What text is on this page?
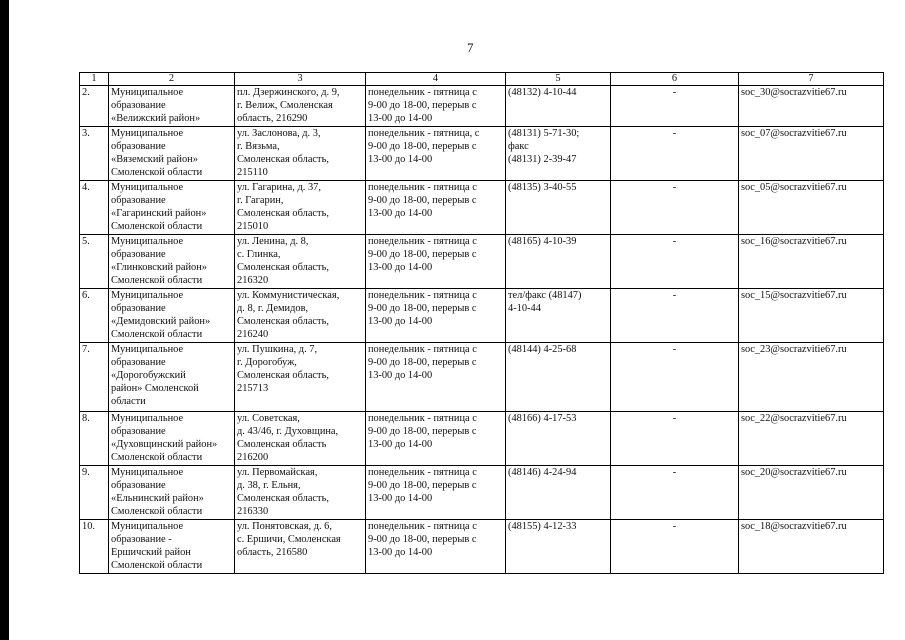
7
1	2	3	4	5	6	7
2.	Муниципальное
образование
«Велижский район»	пл. Дзержинского, д. 9,
г. Велиж, Смоленская
область, 216290	понедельник - пятница с
9-00 до 18-00, перерыв с
13-00 до 14-00	(48132) 4-10-44	-	soc_30@socrazvitie67.ru
3.	Муниципальное
образование
«Вяземский район»
Смоленской области	ул. Заслонова, д. 3,
г. Вязьма,
Смоленская область,
215110	понедельник - пятница, с
9-00 до 18-00, перерыв с
13-00 до 14-00	(48131) 5-71-30;
факс
(48131) 2-39-47	-	soc_07@socrazvitie67.ru
4.	Муниципальное
образование
«Гагаринский район»
Смоленской области	ул. Гагарина, д. 37,
г. Гагарин,
Смоленская область,
215010	понедельник - пятница с
9-00 до 18-00, перерыв с
13-00 до 14-00	(48135) 3-40-55	-	soc_05@socrazvitie67.ru
5.	Муниципальное
образование
«Глинковский район»
Смоленской области	ул. Ленина, д. 8,
с. Глинка,
Смоленская область,
216320	понедельник - пятница с
9-00 до 18-00, перерыв с
13-00 до 14-00	(48165) 4-10-39	-	soc_16@socrazvitie67.ru
6.	Муниципальное
образование
«Демидовский район»
Смоленской области	ул. Коммунистическая,
д. 8, г. Демидов,
Смоленская область,
216240	понедельник - пятница с
9-00 до 18-00, перерыв с
13-00 до 14-00	тел/факс (48147)
4-10-44	-	soc_15@socrazvitie67.ru
7.	Муниципальное
образование
«Дорогобужский
район» Смоленской
области	ул. Пушкина, д. 7,
г. Дорогобуж,
Смоленская область,
215713	понедельник - пятница с
9-00 до 18-00, перерыв с
13-00 до 14-00	(48144) 4-25-68	-	soc_23@socrazvitie67.ru
8.	Муниципальное
образование
«Духовщинский район»
Смоленской области	ул. Советская,
д. 43/46, г. Духовщина,
Смоленская область
216200	понедельник - пятница с
9-00 до 18-00, перерыв с
13-00 до 14-00	(48166) 4-17-53	-	soc_22@socrazvitie67.ru
9.	Муниципальное
образование
«Ельнинский район»
Смоленской области	ул. Первомайская,
д. 38, г. Ельня,
Смоленская область,
216330	понедельник - пятница с
9-00 до 18-00, перерыв с
13-00 до 14-00	(48146) 4-24-94	-	soc_20@socrazvitie67.ru
10.	Муниципальное
образование -
Ершичский район
Смоленской области	ул. Понятовская, д. 6,
с. Ершичи, Смоленская
область, 216580	понедельник - пятница с
9-00 до 18-00, перерыв с
13-00 до 14-00	(48155) 4-12-33	-	soc_18@socrazvitie67.ru
